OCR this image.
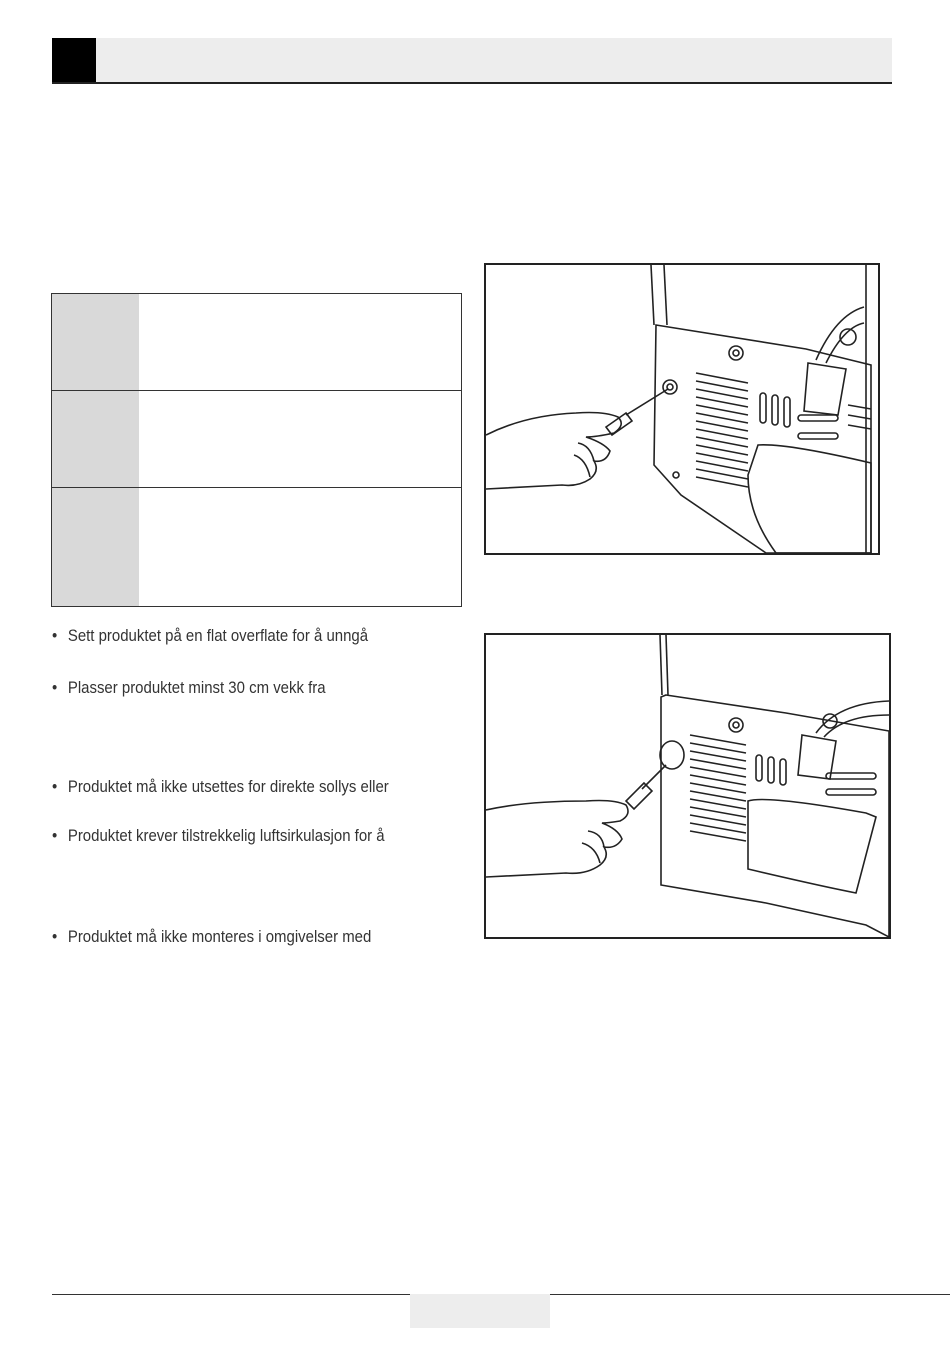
• Sett produktet på en flat overflate for å unngå
• Plasser produktet minst 30 cm vekk fra
• Produktet må ikke utsettes for direkte sollys eller
• Produktet krever tilstrekkelig luftsirkulasjon for å
• Produktet må ikke monteres i omgivelser med
